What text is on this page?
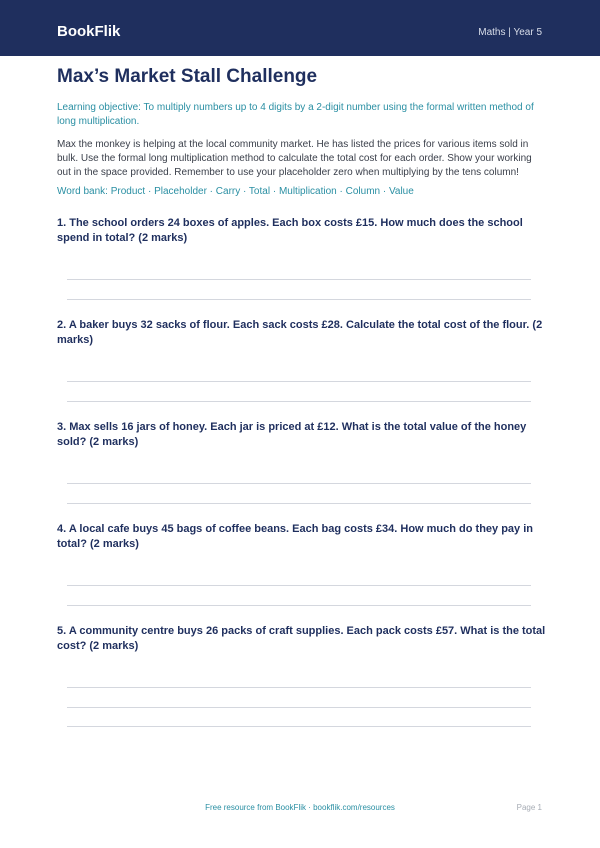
BookFlik	Maths | Year 5
Max’s Market Stall Challenge
Learning objective: To multiply numbers up to 4 digits by a 2-digit number using the formal written method of long multiplication.
Max the monkey is helping at the local community market. He has listed the prices for various items sold in bulk. Use the formal long multiplication method to calculate the total cost for each order. Show your working out in the space provided. Remember to use your placeholder zero when multiplying by the tens column!
Word bank: Product · Placeholder · Carry · Total · Multiplication · Column · Value
1. The school orders 24 boxes of apples. Each box costs £15. How much does the school spend in total? (2 marks)
2. A baker buys 32 sacks of flour. Each sack costs £28. Calculate the total cost of the flour. (2 marks)
3. Max sells 16 jars of honey. Each jar is priced at £12. What is the total value of the honey sold? (2 marks)
4. A local cafe buys 45 bags of coffee beans. Each bag costs £34. How much do they pay in total? (2 marks)
5. A community centre buys 26 packs of craft supplies. Each pack costs £57. What is the total cost? (2 marks)
Free resource from BookFlik · bookflik.com/resources	Page 1
